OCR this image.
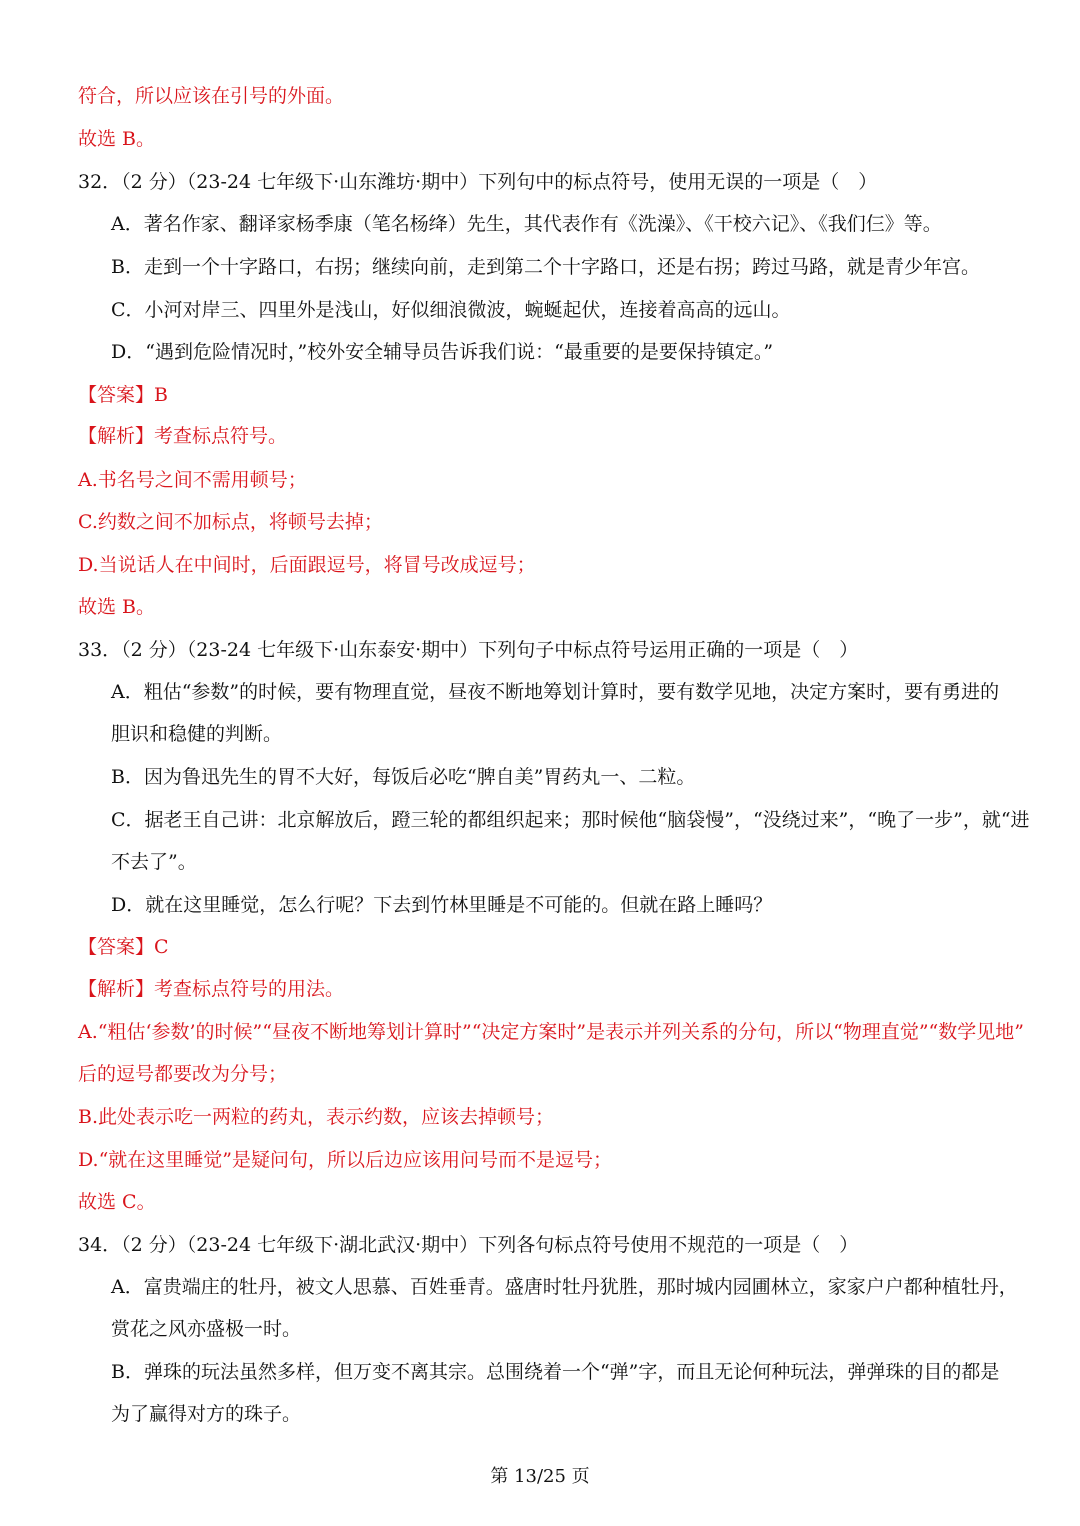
符合，所以应该在引号的外面。
故选 B。
32．（2 分）（23-24 七年级下·山东潍坊·期中）下列句中的标点符号，使用无误的一项是（　）
A．著名作家、翻译家杨季康（笔名杨绛）先生，其代表作有《洗澡》、《干校六记》、《我们仨》等。
B．走到一个十字路口，右拐；继续向前，走到第二个十字路口，还是右拐；跨过马路，就是青少年宫。
C．小河对岸三、四里外是浅山，好似细浪微波，蜿蜒起伏，连接着高高的远山。
D．“遇到危险情况时，”校外安全辅导员告诉我们说：“最重要的是要保持镇定。”
【答案】B
【解析】考查标点符号。
A.书名号之间不需用顿号；
C.约数之间不加标点，将顿号去掉；
D.当说话人在中间时，后面跟逗号，将冒号改成逗号；
故选 B。
33．（2 分）（23-24 七年级下·山东泰安·期中）下列句子中标点符号运用正确的一项是（　）
A．粗估“参数”的时候，要有物理直觉，昼夜不断地筹划计算时，要有数学见地，决定方案时，要有勇进的
胆识和稳健的判断。
B．因为鲁迅先生的胃不大好，每饭后必吃“脾自美”胃药丸一、二粒。
C．据老王自己讲：北京解放后，蹬三轮的都组织起来；那时候他“脑袋慢”，“没绕过来”，“晚了一步”，就“进
不去了”。
D．就在这里睡觉，怎么行呢？下去到竹林里睡是不可能的。但就在路上睡吗？
【答案】C
【解析】考查标点符号的用法。
A.“粗估‘参数’的时候”“昼夜不断地筹划计算时”“决定方案时”是表示并列关系的分句，所以“物理直觉”“数学见地”
后的逗号都要改为分号；
B.此处表示吃一两粒的药丸，表示约数，应该去掉顿号；
D.“就在这里睡觉”是疑问句，所以后边应该用问号而不是逗号；
故选 C。
34．（2 分）（23-24 七年级下·湖北武汉·期中）下列各句标点符号使用不规范的一项是（　）
A．富贵端庄的牡丹，被文人思慕、百姓垂青。盛唐时牡丹犹胜，那时城内园圃林立，家家户户都种植牡丹，
赏花之风亦盛极一时。
B．弹珠的玩法虽然多样，但万变不离其宗。总围绕着一个“弹”字，而且无论何种玩法，弹弹珠的目的都是
为了赢得对方的珠子。
第 13/25 页
